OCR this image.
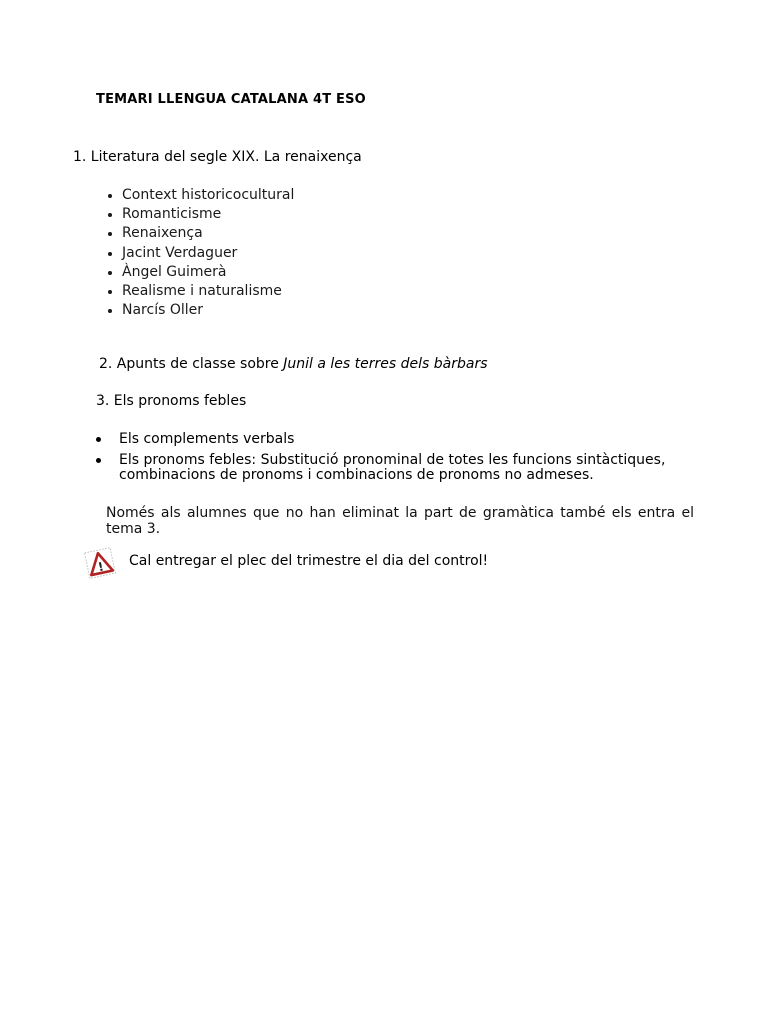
TEMARI LLENGUA CATALANA 4T ESO
1. Literatura del segle XIX. La renaixença
Context historicocultural
Romanticisme
Renaixença
Jacint Verdaguer
Àngel Guimerà
Realisme i naturalisme
Narcís Oller
2. Apunts de classe sobre Junil a les terres dels bàrbars
3. Els pronoms febles
Els complements verbals
Els pronoms febles: Substitució pronominal de totes les funcions sintàctiques, combinacions de pronoms i combinacions de pronoms no admeses.
Només als alumnes que no han eliminat la part de gramàtica també els entra el tema 3.
! Cal entregar el plec del trimestre el dia del control!
